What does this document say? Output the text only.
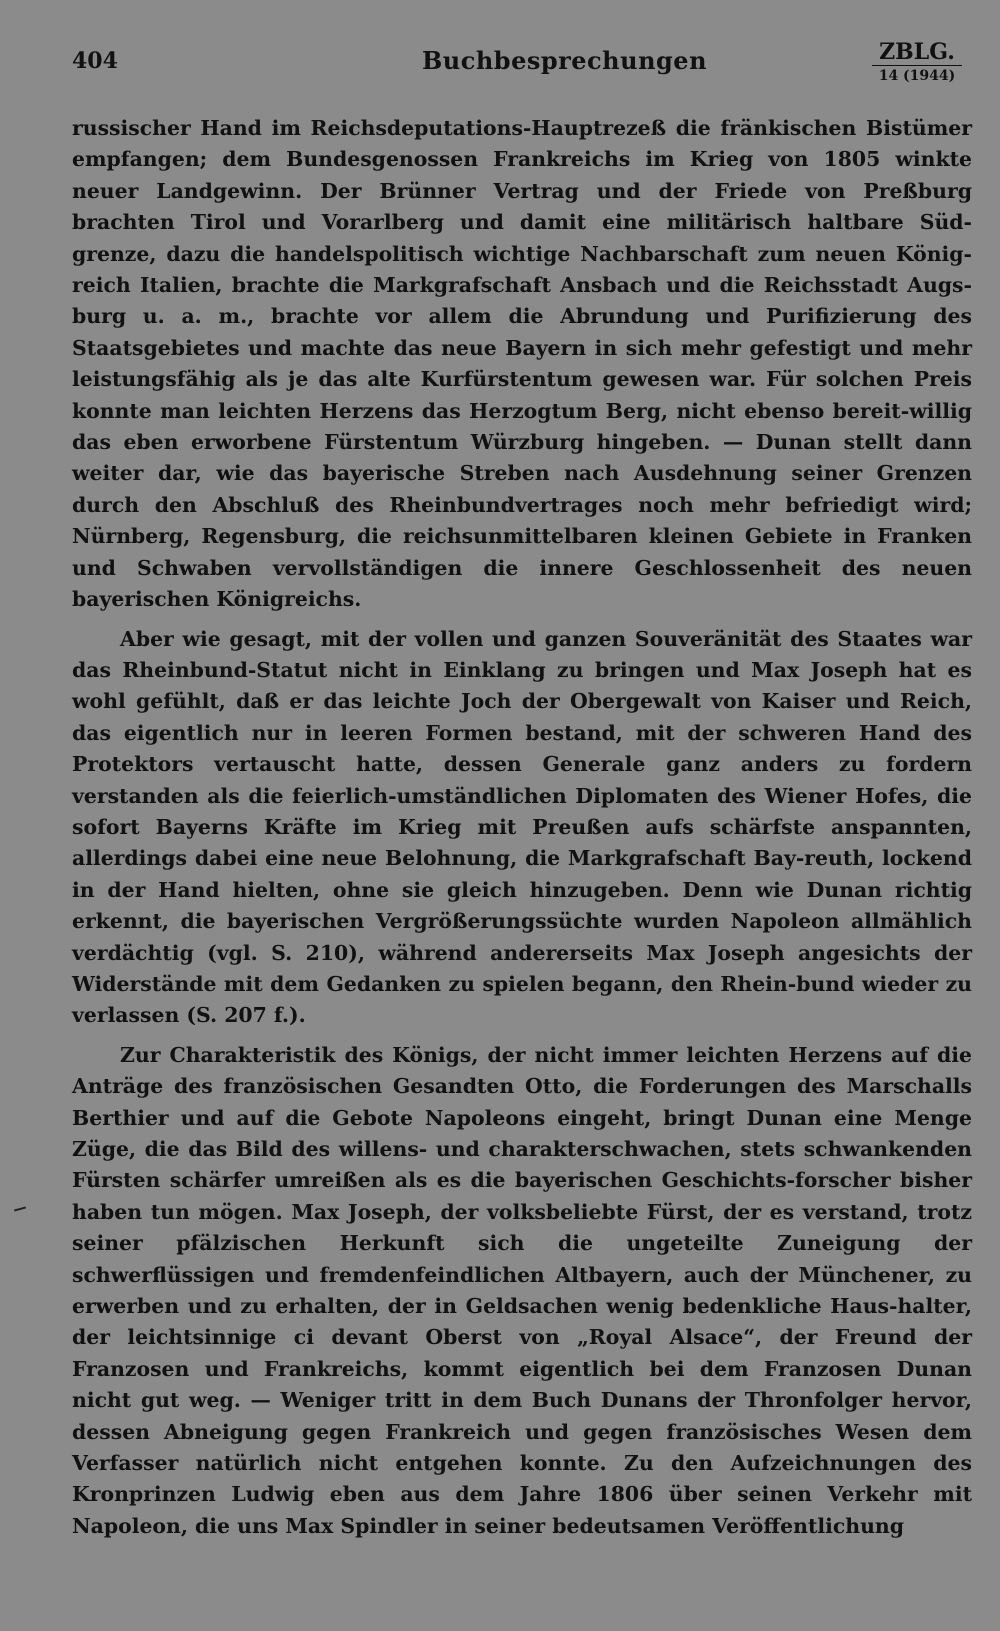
404	Buchbesprechungen	ZBLG.
14 (1944)

russischer Hand im Reichsdeputations-Hauptrezeß die fränkischen Bistümer empfangen; dem Bundesgenossen Frankreichs im Krieg von 1805 winkte neuer Landgewinn. Der Brünner Vertrag und der Friede von Preßburg brachten Tirol und Vorarlberg und damit eine militärisch haltbare Süd-grenze, dazu die handelspolitisch wichtige Nachbarschaft zum neuen König-reich Italien, brachte die Markgrafschaft Ansbach und die Reichsstadt Augs-burg u. a. m., brachte vor allem die Abrundung und Purifizierung des Staatsgebietes und machte das neue Bayern in sich mehr gefestigt und mehr leistungsfähig als je das alte Kurfürstentum gewesen war. Für solchen Preis konnte man leichten Herzens das Herzogtum Berg, nicht ebenso bereit-willig das eben erworbene Fürstentum Würzburg hingeben. — Dunan stellt dann weiter dar, wie das bayerische Streben nach Ausdehnung seiner Grenzen durch den Abschluß des Rheinbundvertrages noch mehr befriedigt wird; Nürnberg, Regensburg, die reichsunmittelbaren kleinen Gebiete in Franken und Schwaben vervollständigen die innere Geschlossenheit des neuen bayerischen Königreichs.

Aber wie gesagt, mit der vollen und ganzen Souveränität des Staates war das Rheinbund-Statut nicht in Einklang zu bringen und Max Joseph hat es wohl gefühlt, daß er das leichte Joch der Obergewalt von Kaiser und Reich, das eigentlich nur in leeren Formen bestand, mit der schweren Hand des Protektors vertauscht hatte, dessen Generale ganz anders zu fordern verstanden als die feierlich-umständlichen Diplomaten des Wiener Hofes, die sofort Bayerns Kräfte im Krieg mit Preußen aufs schärfste anspannten, allerdings dabei eine neue Belohnung, die Markgrafschaft Bay-reuth, lockend in der Hand hielten, ohne sie gleich hinzugeben. Denn wie Dunan richtig erkennt, die bayerischen Vergrößerungssüchte wurden Napoleon allmählich verdächtig (vgl. S. 210), während andererseits Max Joseph angesichts der Widerstände mit dem Gedanken zu spielen begann, den Rhein-bund wieder zu verlassen (S. 207 f.).

Zur Charakteristik des Königs, der nicht immer leichten Herzens auf die Anträge des französischen Gesandten Otto, die Forderungen des Marschalls Berthier und auf die Gebote Napoleons eingeht, bringt Dunan eine Menge Züge, die das Bild des willens- und charakterschwachen, stets schwankenden Fürsten schärfer umreißen als es die bayerischen Geschichts-forscher bisher haben tun mögen. Max Joseph, der volksbeliebte Fürst, der es verstand, trotz seiner pfälzischen Herkunft sich die ungeteilte Zuneigung der schwerflüssigen und fremdenfeindlichen Altbayern, auch der Münchener, zu erwerben und zu erhalten, der in Geldsachen wenig bedenkliche Haus-halter, der leichtsinnige ci devant Oberst von „Royal Alsace“, der Freund der Franzosen und Frankreichs, kommt eigentlich bei dem Franzosen Dunan nicht gut weg. — Weniger tritt in dem Buch Dunans der Thronfolger hervor, dessen Abneigung gegen Frankreich und gegen französisches Wesen dem Verfasser natürlich nicht entgehen konnte. Zu den Aufzeichnungen des Kronprinzen Ludwig eben aus dem Jahre 1806 über seinen Verkehr mit Napoleon, die uns Max Spindler in seiner bedeutsamen Veröffentlichung
